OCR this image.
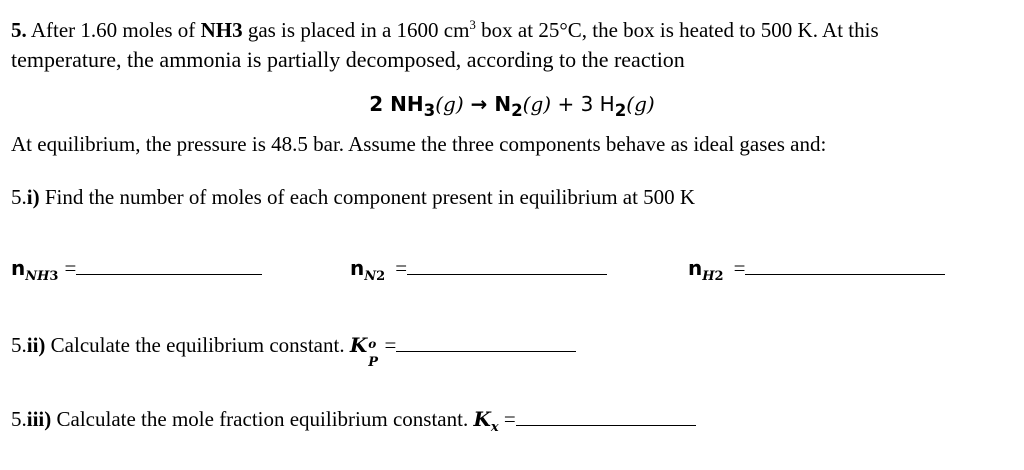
5. After 1.60 moles of NH3 gas is placed in a 1600 $cm^3$ box at 25°C, the box is heated to 500 K. At this
temperature, the ammonia is partially decomposed, according to the reaction
2 $NH_3(g) \to N_2(g) + 3$ $H_2(g)$
At equilibrium, the pressure is 48.5 bar. Assume the three components behave as ideal gases and:
5.i) Find the number of moles of each component present in equilibrium at 500 K
$n_{NH3}$ =	$n_{N2}$ =	$n_{H2}$ =
5.ii) Calculate the equilibrium constant. K o
P
=
5.iii) Calculate the mole fraction equilibrium constant. $K_x$ =
